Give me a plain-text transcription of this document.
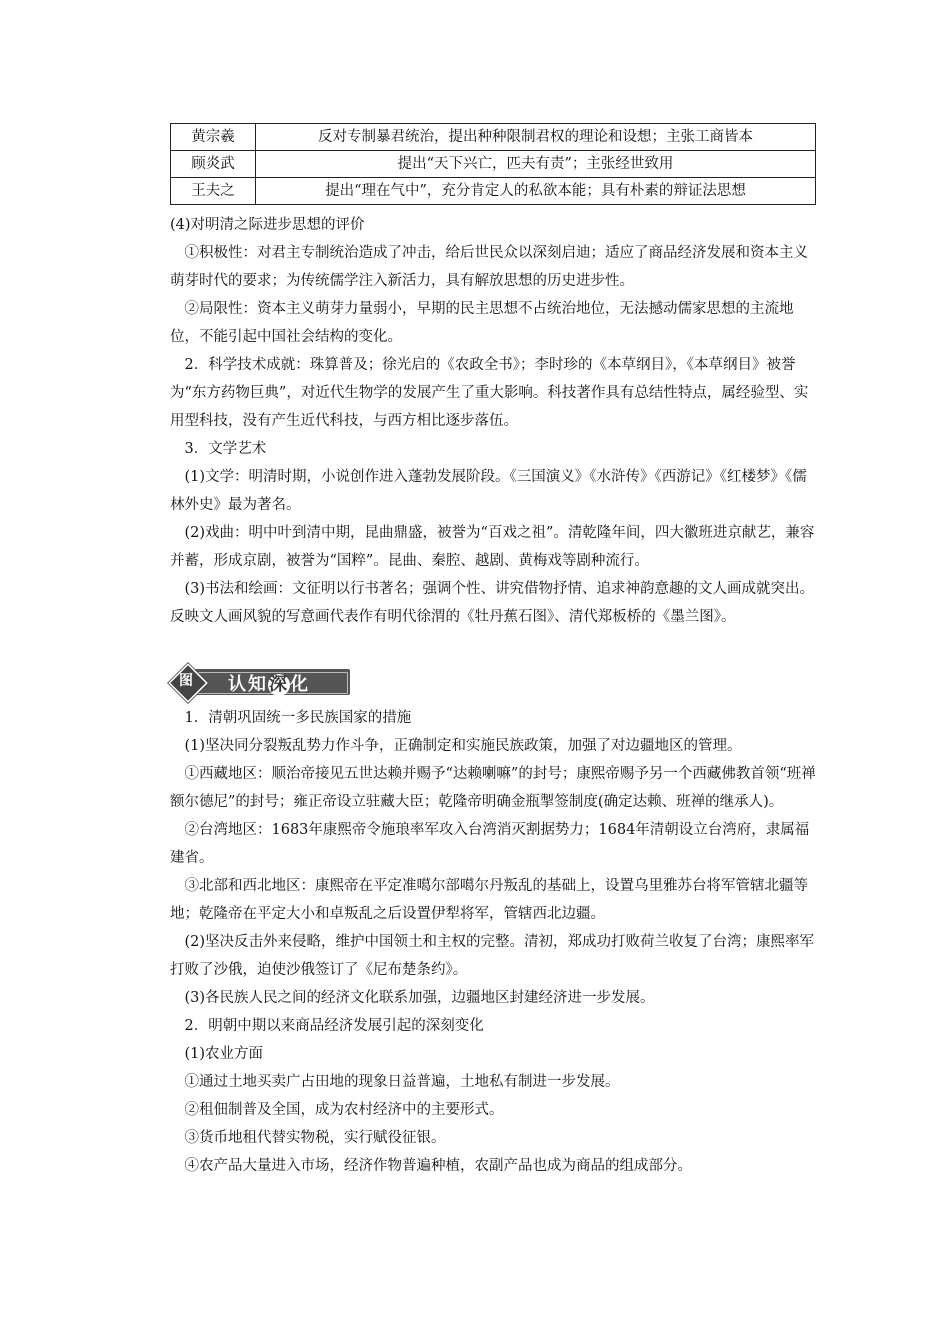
黄宗羲	反对专制暴君统治，提出种种限制君权的理论和设想；主张工商皆本
顾炎武	提出“天下兴亡，匹夫有责”；主张经世致用
王夫之	提出“理在气中”，充分肯定人的私欲本能；具有朴素的辩证法思想

(4)对明清之际进步思想的评价

①积极性：对君主专制统治造成了冲击，给后世民众以深刻启迪；适应了商品经济发展和资本主义萌芽时代的要求；为传统儒学注入新活力，具有解放思想的历史进步性。

②局限性：资本主义萌芽力量弱小，早期的民主思想不占统治地位，无法撼动儒家思想的主流地位，不能引起中国社会结构的变化。

2．科学技术成就：珠算普及；徐光启的《农政全书》；李时珍的《本草纲目》，《本草纲目》被誉为“东方药物巨典”，对近代生物学的发展产生了重大影响。科技著作具有总结性特点，属经验型、实用型科技，没有产生近代科技，与西方相比逐步落伍。

3．文学艺术

(1)文学：明清时期，小说创作进入蓬勃发展阶段。《三国演义》《水浒传》《西游记》《红楼梦》《儒林外史》最为著名。

(2)戏曲：明中叶到清中期，昆曲鼎盛，被誉为“百戏之祖”。清乾隆年间，四大徽班进京献艺，兼容并蓄，形成京剧，被誉为“国粹”。昆曲、秦腔、越剧、黄梅戏等剧种流行。

(3)书法和绘画：文征明以行书著名；强调个性、讲究借物抒情、追求神韵意趣的文人画成就突出。反映文人画风貌的写意画代表作有明代徐渭的《牡丹蕉石图》、清代郑板桥的《墨兰图》。

图 认知深化

1．清朝巩固统一多民族国家的措施

(1)坚决同分裂叛乱势力作斗争，正确制定和实施民族政策，加强了对边疆地区的管理。

①西藏地区：顺治帝接见五世达赖并赐予“达赖喇嘛”的封号；康熙帝赐予另一个西藏佛教首领“班禅额尔德尼”的封号；雍正帝设立驻藏大臣；乾隆帝明确金瓶掣签制度(确定达赖、班禅的继承人)。

②台湾地区：1683年康熙帝令施琅率军攻入台湾消灭割据势力；1684年清朝设立台湾府，隶属福建省。

③北部和西北地区：康熙帝在平定准噶尔部噶尔丹叛乱的基础上，设置乌里雅苏台将军管辖北疆等地；乾隆帝在平定大小和卓叛乱之后设置伊犁将军，管辖西北边疆。

(2)坚决反击外来侵略，维护中国领土和主权的完整。清初，郑成功打败荷兰收复了台湾；康熙率军打败了沙俄，迫使沙俄签订了《尼布楚条约》。

(3)各民族人民之间的经济文化联系加强，边疆地区封建经济进一步发展。

2．明朝中期以来商品经济发展引起的深刻变化

(1)农业方面

①通过土地买卖广占田地的现象日益普遍，土地私有制进一步发展。

②租佃制普及全国，成为农村经济中的主要形式。

③货币地租代替实物税，实行赋役征银。

④农产品大量进入市场，经济作物普遍种植，农副产品也成为商品的组成部分。
